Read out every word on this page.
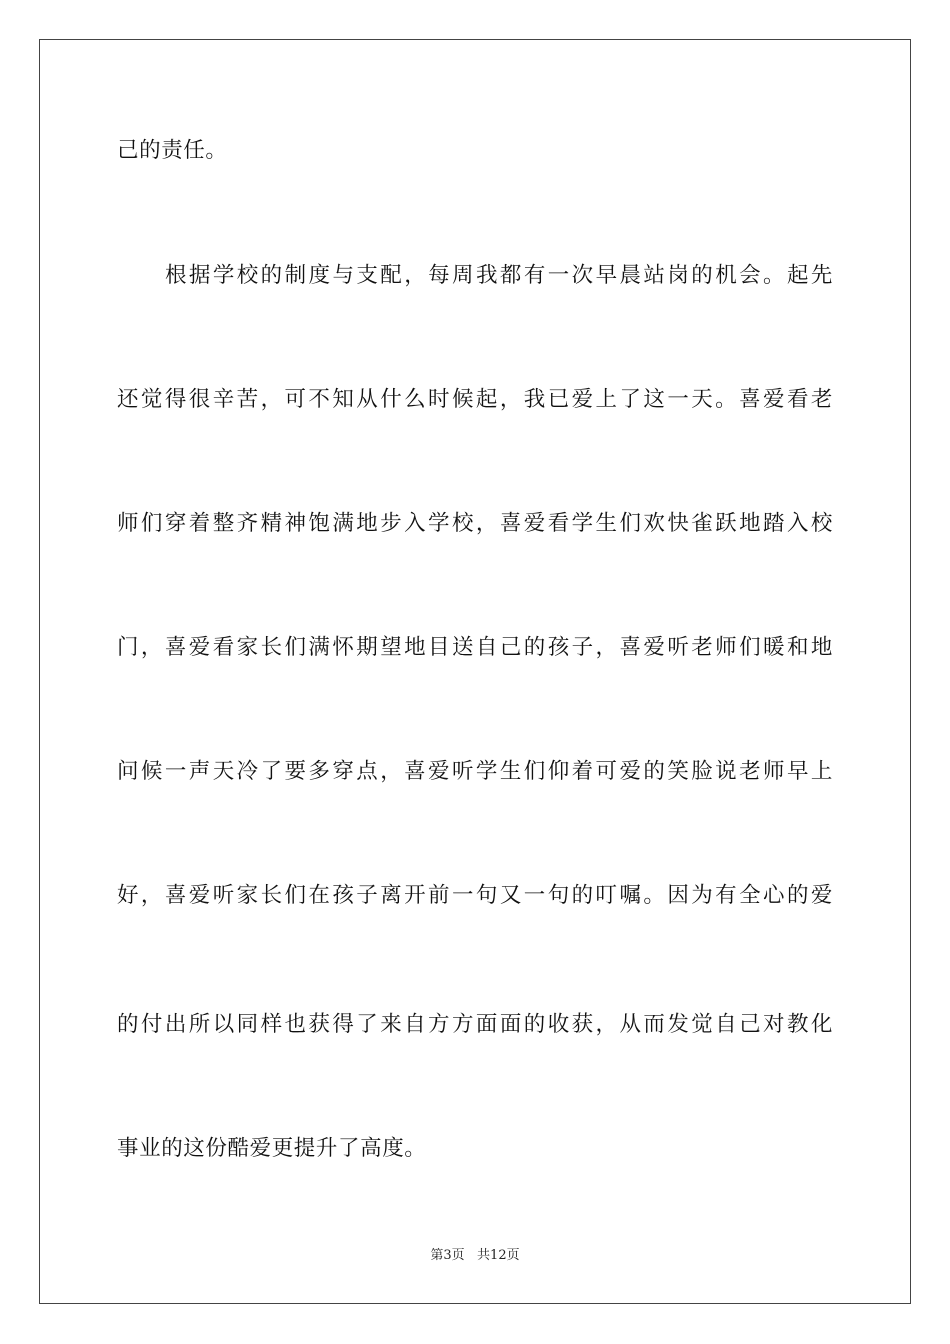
己的责任。
根据学校的制度与支配，每周我都有一次早晨站岗的机会。起先
还觉得很辛苦，可不知从什么时候起，我已爱上了这一天。喜爱看老
师们穿着整齐精神饱满地步入学校，喜爱看学生们欢快雀跃地踏入校
门，喜爱看家长们满怀期望地目送自己的孩子，喜爱听老师们暖和地
问候一声天冷了要多穿点，喜爱听学生们仰着可爱的笑脸说老师早上
好，喜爱听家长们在孩子离开前一句又一句的叮嘱。因为有全心的爱
的付出所以同样也获得了来自方方面面的收获，从而发觉自己对教化
事业的这份酷爱更提升了高度。
第3页   共12页
